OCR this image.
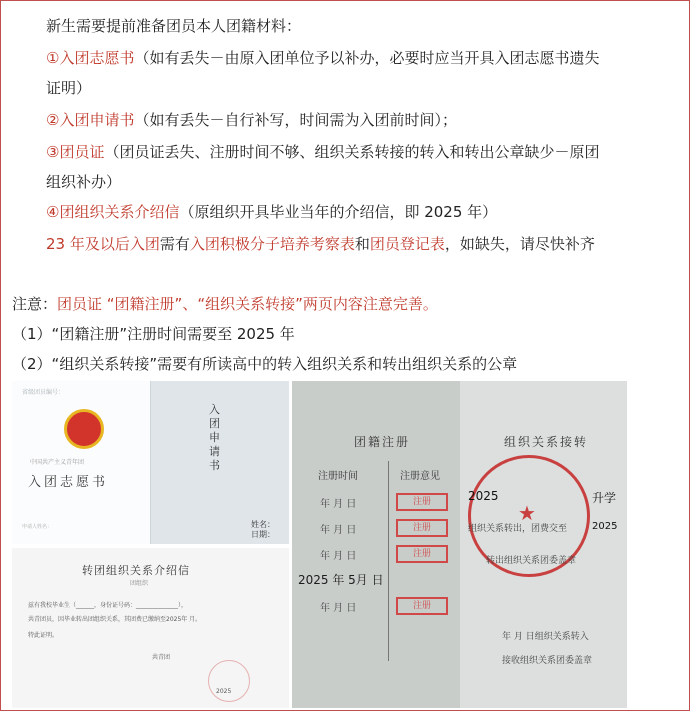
新生需要提前准备团员本人团籍材料：
①入团志愿书（如有丢失－由原入团单位予以补办，必要时应当开具入团志愿书遗失
证明）
②入团申请书（如有丢失－自行补写，时间需为入团前时间）；
③团员证（团员证丢失、注册时间不够、组织关系转接的转入和转出公章缺少－原团
组织补办）
④团组织关系介绍信（原组织开具毕业当年的介绍信，即 2025 年）
23 年及以后入团需有入团积极分子培养考察表和团员登记表，如缺失，请尽快补齐
注意：团员证 “团籍注册”、“组织关系转接”两页内容注意完善。
（1）“团籍注册”注册时间需要至 2025 年
（2）“组织关系转接”需要有所读高中的转入组织关系和转出组织关系的公章
省级团员编号：
中国共产主义青年团
入团志愿书
申请人姓名：
入团申请书
姓名：
日期：
转团组织关系介绍信
团组织
兹有我校毕业生（______，身份证号码：______________），
共青团员，因毕业转出团组织关系，其团费已缴纳至2025年 月。
特此证明。
共青团
2025
团籍注册
注册时间	注册意见
年 月 日
年 月 日
年 月 日
年 月 日
注册
注册
注册
注册
2025 年 5月 日
组织关系接转
★
2025	升学
2025
组织关系转出，团费交至
转出组织关系团委盖章
年 月 日组织关系转入
接收组织关系团委盖章
